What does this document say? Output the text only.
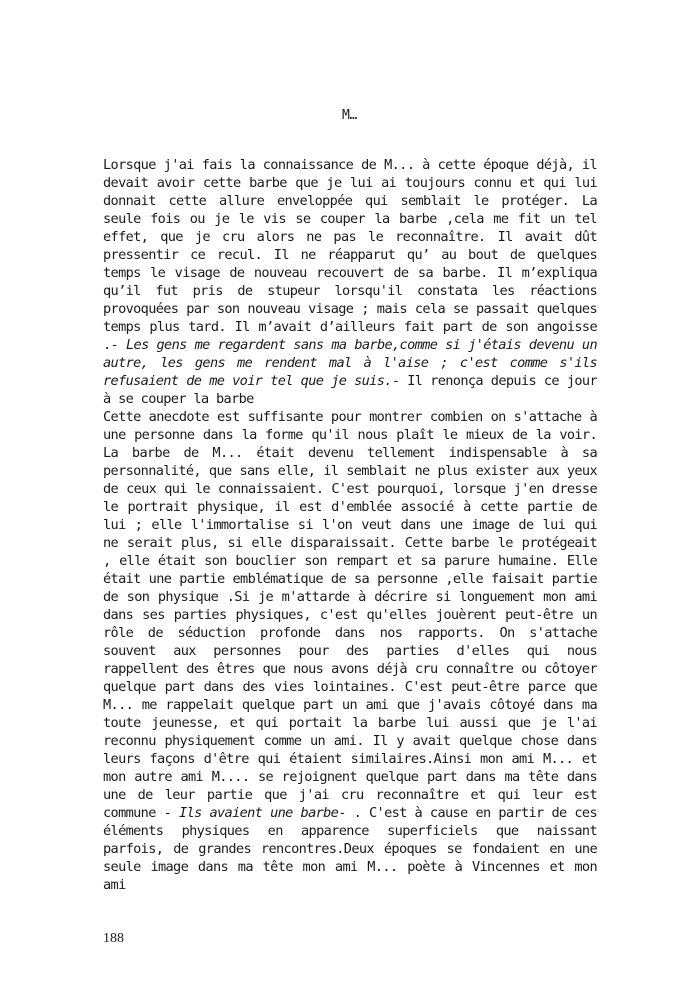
M…

Lorsque j'ai fais la connaissance de M... à cette époque déjà, il devait avoir cette barbe que je lui ai toujours connu et qui lui donnait cette allure enveloppée qui semblait le protéger. La seule fois ou je le vis se couper la barbe ,cela me fit un tel effet, que je cru alors ne pas le reconnaître. Il avait dût pressentir ce recul. Il ne réapparut qu’ au bout de quelques temps le visage de nouveau recouvert de sa barbe. Il m’expliqua qu’il fut pris de stupeur lorsqu'il constata les réactions provoquées par son nouveau visage ; mais cela se passait quelques temps plus tard. Il m’avait d’ailleurs fait part de son angoisse .- Les gens me regardent sans ma barbe,comme si j'étais devenu un autre, les gens me rendent mal à l'aise ; c'est comme s'ils refusaient de me voir tel que je suis.- Il renonça depuis ce jour à se couper la barbe

Cette anecdote est suffisante pour montrer combien on s'attache à une personne dans la forme qu'il nous plaît le mieux de la voir. La barbe de M... était devenu tellement indispensable à sa personnalité, que sans elle, il semblait ne plus exister aux yeux de ceux qui le connaissaient. C'est pourquoi, lorsque j'en dresse le portrait physique, il est d'emblée associé à cette partie de lui ; elle l'immortalise si l'on veut dans une image de lui qui ne serait plus, si elle disparaissait. Cette barbe le protégeait , elle était son bouclier son rempart et sa parure humaine. Elle était une partie emblématique de sa personne ,elle faisait partie de son physique .Si je m'attarde à décrire si longuement mon ami dans ses parties physiques, c'est qu'elles jouèrent peut-être un rôle de séduction profonde dans nos rapports. On s'attache souvent aux personnes pour des parties d'elles qui nous rappellent des êtres que nous avons déjà cru connaître ou côtoyer quelque part dans des vies lointaines. C'est peut-être parce que M... me rappelait quelque part un ami que j'avais côtoyé dans ma toute jeunesse, et qui portait la barbe lui aussi que je l'ai reconnu physiquement comme un ami. Il y avait quelque chose dans leurs façons d'être qui étaient similaires.Ainsi mon ami M... et mon autre ami M.... se rejoignent quelque part dans ma tête dans une de leur partie que j'ai cru reconnaître et qui leur est commune - Ils avaient une barbe- . C'est à cause en partir de ces éléments physiques en apparence superficiels que naissant parfois, de grandes rencontres.Deux époques se fondaient en une seule image dans ma tête mon ami M... poète à Vincennes et mon ami

188
